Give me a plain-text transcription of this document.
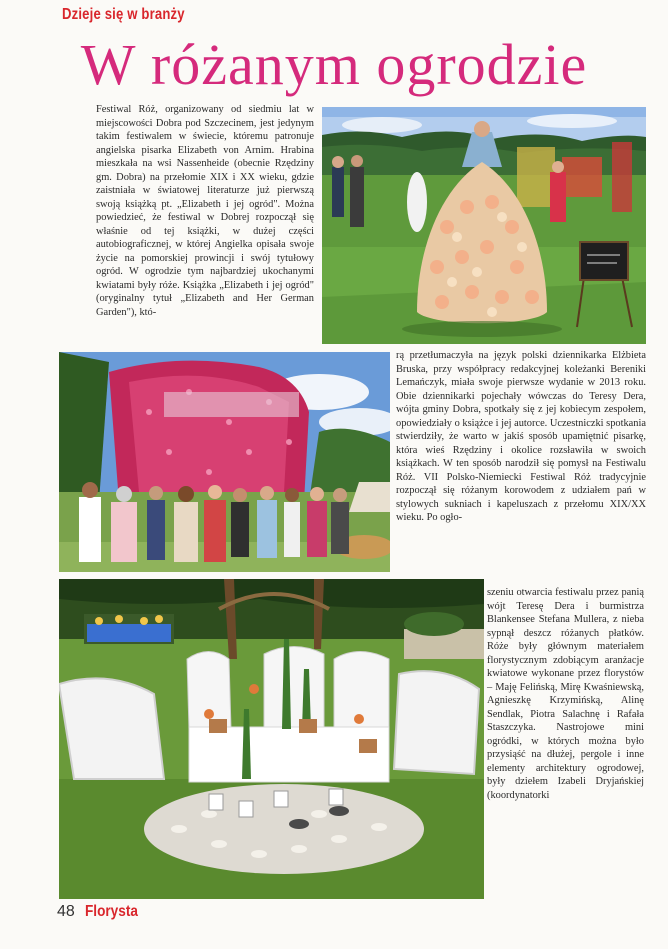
Dzieje się w branży
W różanym ogrodzie

Festiwal Róż, organizowany od siedmiu lat w miejscowości Dobra pod Szczecinem, jest jedynym takim festiwalem w świecie, któremu patronuje angielska pisarka Elizabeth von Arnim. Hrabina mieszkała na wsi Nassenheide (obecnie Rzędziny gm. Dobra) na przełomie XIX i XX wieku, gdzie zaistniała w światowej literaturze już pierwszą swoją książką pt. „Elizabeth i jej ogród". Można powiedzieć, że festiwal w Dobrej rozpoczął się właśnie od tej książki, w dużej części autobiograficznej, w której Angielka opisała swoje życie na pomorskiej prowincji i swój tytułowy ogród. W ogrodzie tym najbardziej ukochanymi kwiatami były róże. Książka „Elizabeth i jej ogród" (oryginalny tytuł „Elizabeth and Her German Garden"), któ-

rą przetłumaczyła na język polski dziennikarka Elżbieta Bruska, przy współpracy redakcyjnej koleżanki Bereniki Lemańczyk, miała swoje pierwsze wydanie w 2013 roku. Obie dziennikarki pojechały wówczas do Teresy Dera, wójta gminy Dobra, spotkały się z jej kobiecym zespołem, opowiedziały o książce i jej autorce. Uczestniczki spotkania stwierdziły, że warto w jakiś sposób upamiętnić pisarkę, która wieś Rzędziny i okolice rozsławiła w swoich książkach. W ten sposób narodził się pomysł na Festiwalu Róż. VII Polsko-Niemiecki Festiwal Róż tradycyjnie rozpoczął się różanym korowodem z udziałem pań w stylowych sukniach i kapeluszach z przełomu XIX/XX wieku. Po ogło-

szeniu otwarcia festiwalu przez panią wójt Teresę Dera i burmistrza Blankensee Stefana Mullera, z nieba sypnął deszcz różanych płatków. Róże były głównym materiałem florystycznym zdobiącym aranżacje kwiatowe wykonane przez florystów – Maję Felińską, Mirę Kwaśniewską, Agnieszkę Krzymińską, Alinę Sendlak, Piotra Salachnę i Rafała Staszczyka. Nastrojowe mini ogródki, w których można było przysiąść na dłużej, pergole i inne elementy architektury ogrodowej, były dziełem Izabeli Dryjańskiej (koordynatorki

48 Florysta
